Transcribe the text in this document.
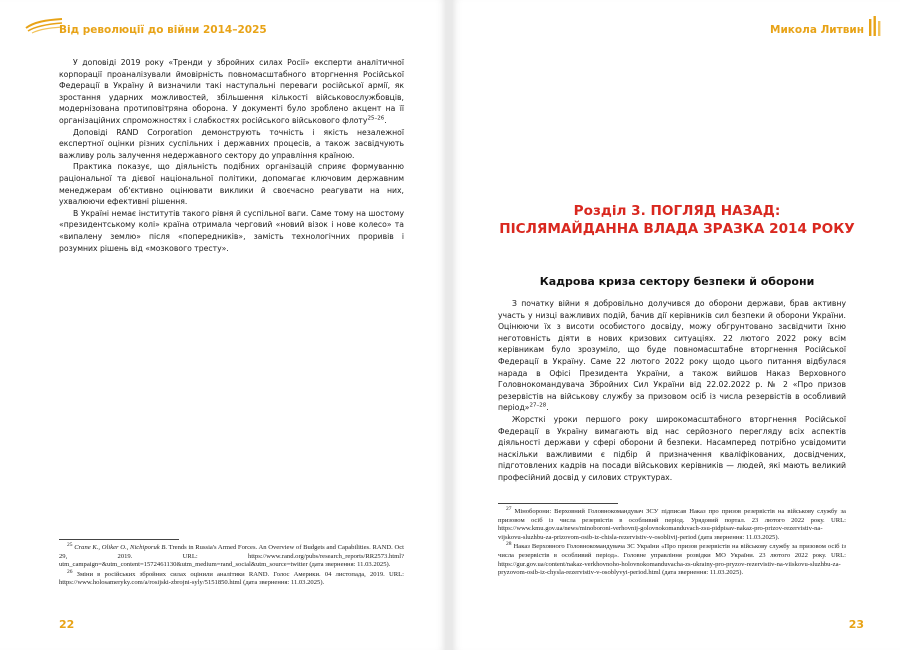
Від революції до війни 2014–2025

У доповіді 2019 року «Тренди у збройних силах Росії» експерти аналітичної корпорації проаналізували ймовірність повномасштабного вторгнення Російської Федерації в Україну й визначили такі наступальні переваги російської армії, як зростання ударних можливостей, збільшення кількості військовослужбовців, модернізована протиповітряна оборона. У документі було зроблено акцент на її організаційних спроможностях і слабкостях російського військового флоту$^{25-26}$.

Доповіді RAND Corporation демонструють точність і якість незалежної експертної оцінки різних суспільних і державних процесів, а також засвідчують важливу роль залучення недержавного сектору до управління країною.

Практика показує, що діяльність подібних організацій сприяє формуванню раціональної та дієвої національної політики, допомагає ключовим державним менеджерам об'єктивно оцінювати виклики й своєчасно реагувати на них, ухвалюючи ефективні рішення.

В Україні немає інститутів такого рівня й суспільної ваги. Саме тому на шостому «президентському колі» країна отримала черговий «новий візок і нове колесо» та «випалену землю» після «попередників», замість технологічних проривів і розумних рішень від «мозкового тресту».

$^{25}$ Crane K., Oliker O., Nichiporuk B. Trends in Russia's Armed Forces. An Overview of Budgets and Capabilities. RAND. Oct 29, 2019. URL: https://www.rand.org/pubs/research_reports/RR2573.html?utm_campaign=&utm_content=1572461130&utm_medium=rand_social&utm_source=twitter (дата звернення: 11.03.2025).

$^{26}$ Зміни в російських збройних силах оцінили аналітики RAND. Голос Америки. 04 листопада, 2019. URL: https://www.holosameryky.com/a/rosijski-zbrojni-syly/5151850.html (дата звернення: 11.03.2025).

22
Микола Литвин
Розділ 3. ПОГЛЯД НАЗАД:
ПІСЛЯМАЙДАННА ВЛАДА ЗРАЗКА 2014 РОКУ
Кадрова криза сектору безпеки й оборони

З початку війни я добровільно долучився до оборони держави, брав активну участь у низці важливих подій, бачив дії керівників сил безпеки й оборони України. Оцінюючи їх з висоти особистого досвіду, можу обгрунтовано засвідчити їхню неготовність діяти в нових кризових ситуаціях. 22 лютого 2022 року всім керівникам було зрозуміло, що буде повномасштабне вторгнення Російської Федерації в Україну. Саме 22 лютого 2022 року щодо цього питання відбулася нарада в Офісі Президента України, а також вийшов Наказ Верховного Головнокомандувача Збройних Сил України від 22.02.2022 р. № 2 «Про призов резервістів на військову службу за призовом осіб із числа резервістів в особливий період»$^{27-28}$.

Жорсткі уроки першого року широкомасштабного вторгнення Російської Федерації в Україну вимагають від нас серйозного перегляду всіх аспектів діяльності держави у сфері оборони й безпеки. Насамперед потрібно усвідомити наскільки важливими є підбір й призначення кваліфікованих, досвідчених, підготовлених кадрів на посади військових керівників — людей, які мають великий професійний досвід у силових структурах.

$^{27}$ Міноборони: Верховний Головнокомандувач ЗСУ підписав Наказ про призов резервістів на військову службу за призовом осіб із числа резервістів в особливий період. Урядовий портал. 23 лютого 2022 року. URL: https://www.kmu.gov.ua/news/minoboroni-verhovnij-golovnokomanduvach-zsu-pidpisav-nakaz-pro-prizov-rezervistiv-na-vijskovu-sluzhbu-za-prizovom-osib-iz-chisla-rezervistiv-v-osoblivij-period (дата звернення: 11.03.2025).

$^{28}$ Наказ Верховного Головнокомандувача ЗС України «Про призов резервістів на військову службу за призовом осіб із числа резервістів в особливий період». Головне управління розвідки МО України. 23 лютого 2022 року. URL: https://gur.gov.ua/content/nakaz-verkhovnoho-holovnokomanduvacha-zs-ukrainy-pro-pryzov-rezervistiv-na-viiskovu-sluzhbu-za-pryzovom-osib-iz-chysla-rezervistiv-v-osoblyvyi-period.html (дата звернення: 11.03.2025).

23
